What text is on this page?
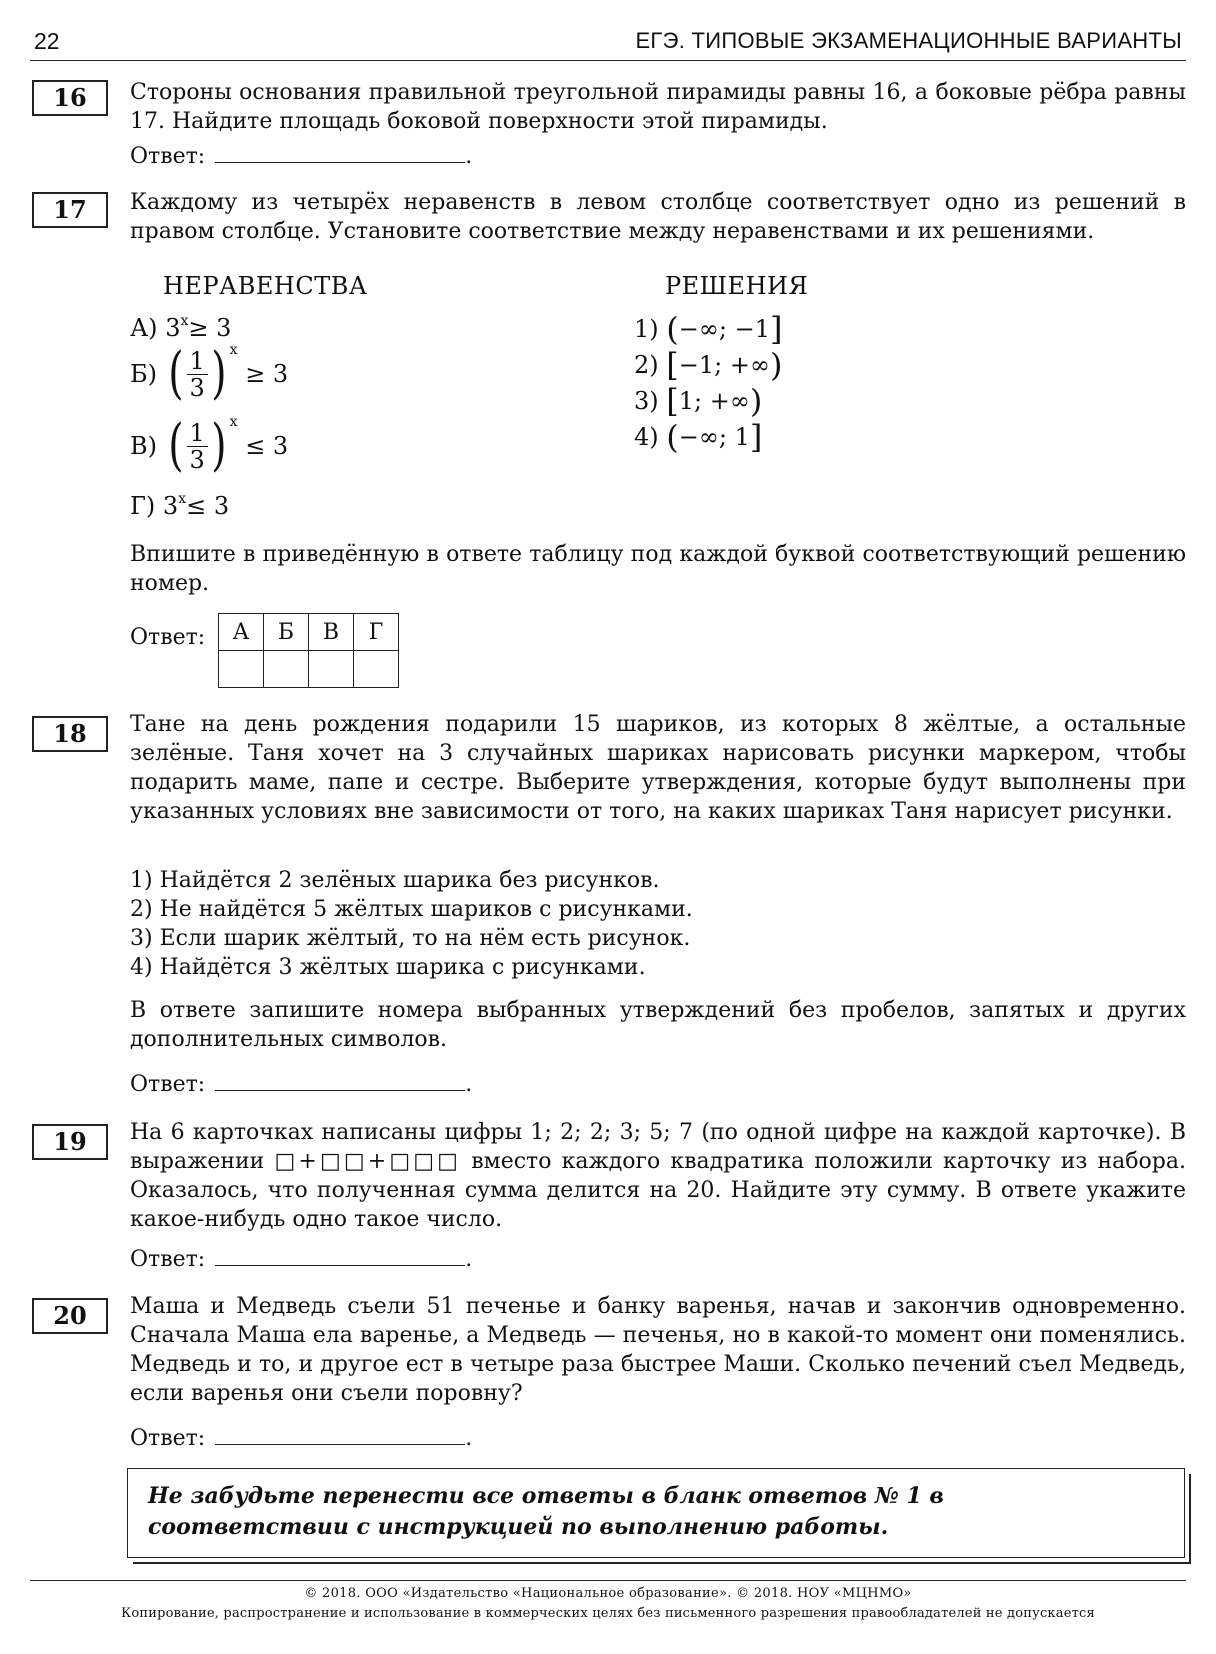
22	ЕГЭ. ТИПОВЫЕ ЭКЗАМЕНАЦИОННЫЕ ВАРИАНТЫ
16	Стороны основания правильной треугольной пирамиды равны 16, а боковые рёбра равны 17. Найдите площадь боковой поверхности этой пирамиды.
Ответ:	.
17	Каждому из четырёх неравенств в левом столбце соответствует одно из решений в правом столбце. Установите соответствие между неравенствами и их решениями.
НЕРАВЕНСТВА	РЕШЕНИЯ
А) $3^x\ge 3$
Б) ( $\frac{1}{3}$ ) $^x$ ≥ 3
В) ( $\frac{1}{3}$ ) $^x$ ≤ 3
Г) $3^x\le 3$
1) (−∞; −1]
2) [−1; +∞)
3) [1; +∞)
4) (−∞; 1]
Впишите в приведённую в ответе таблицу под каждой буквой соответствующий решению номер.
Ответ: А	Б	В	Г

18	Тане на день рождения подарили 15 шариков, из которых 8 жёлтые, а остальные зелёные. Таня хочет на 3 случайных шариках нарисовать рисунки маркером, чтобы подарить маме, папе и сестре. Выберите утверждения, которые будут выполнены при указанных условиях вне зависимости от того, на каких шариках Таня нарисует рисунки.
1) Найдётся 2 зелёных шарика без рисунков.
2) Не найдётся 5 жёлтых шариков с рисунками.
3) Если шарик жёлтый, то на нём есть рисунок.
4) Найдётся 3 жёлтых шарика с рисунками.
В ответе запишите номера выбранных утверждений без пробелов, запятых и других дополнительных символов.
Ответ:	.
19	На 6 карточках написаны цифры 1; 2; 2; 3; 5; 7 (по одной цифре на каждой карточке). В выражении □+□□+□□□ вместо каждого квадратика положили карточку из набора. Оказалось, что полученная сумма делится на 20. Найдите эту сумму. В ответе укажите какое-нибудь одно такое число.
Ответ:	.
20	Маша и Медведь съели 51 печенье и банку варенья, начав и закончив одновременно. Сначала Маша ела варенье, а Медведь — печенья, но в какой-то момент они поменялись. Медведь и то, и другое ест в четыре раза быстрее Маши. Сколько печений съел Медведь, если варенья они съели поровну?
Ответ:	.
Не забудьте перенести все ответы в бланк ответов № 1 в соответствии с инструкцией по выполнению работы.
© 2018. ООО «Издательство «Национальное образование». © 2018. НОУ «МЦНМО»
Копирование, распространение и использование в коммерческих целях без письменного разрешения правообладателей не допускается
